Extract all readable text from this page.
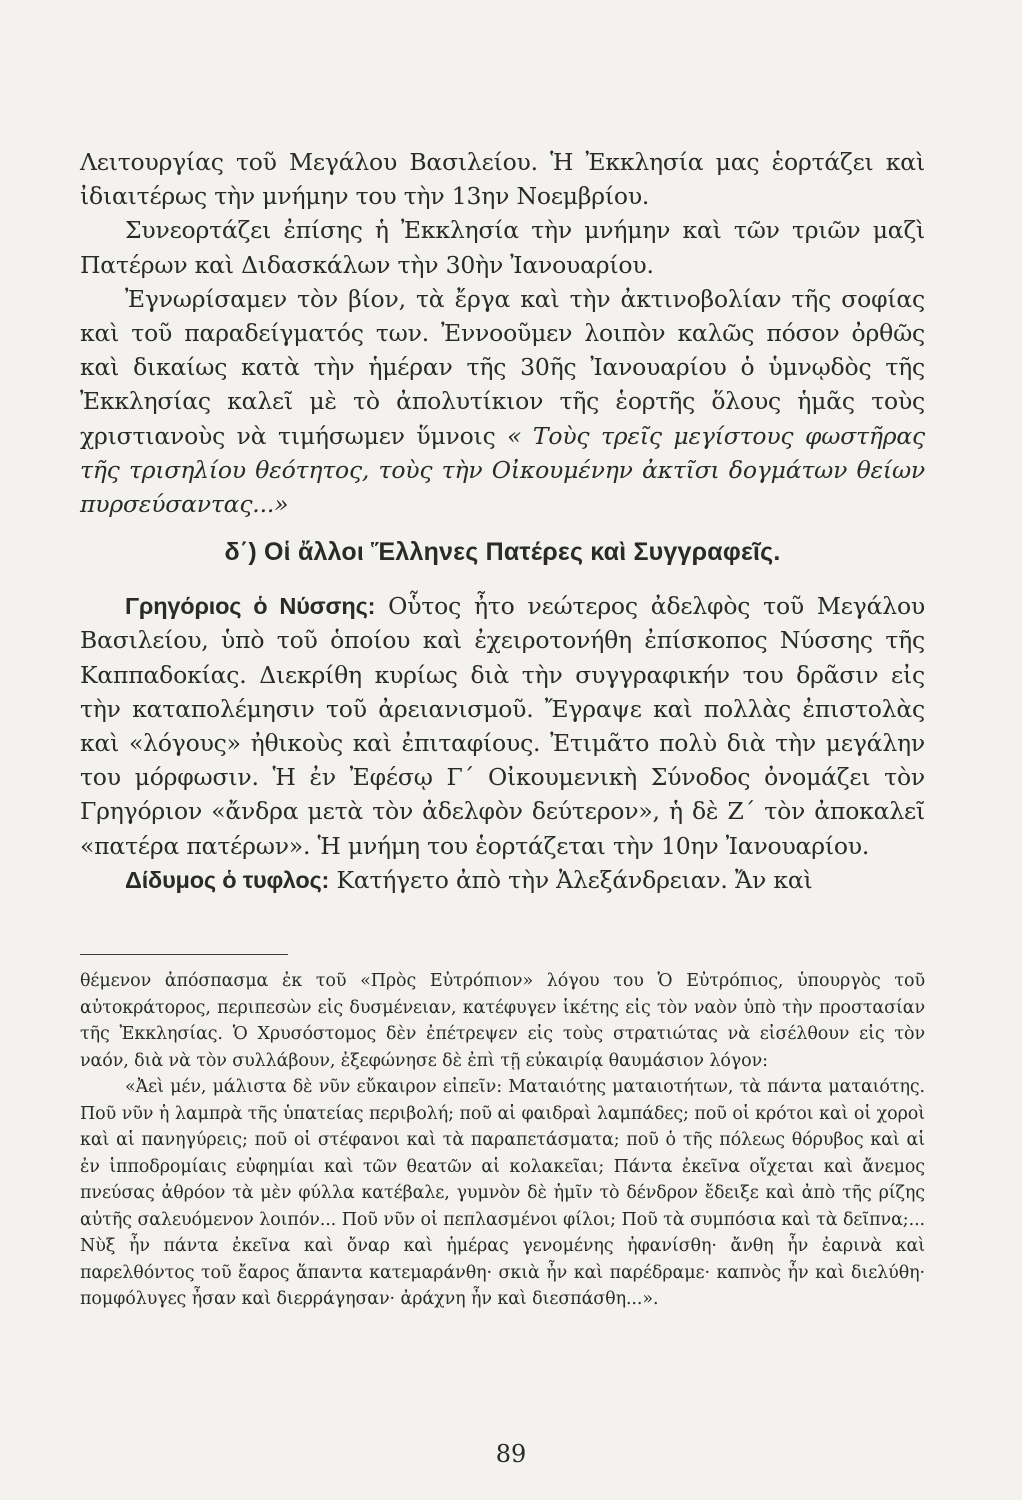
Λειτουργίας τοῦ Μεγάλου Βασιλείου. Ἡ Ἐκκλησία μας ἑορτάζει καὶ ἰδιαιτέρως τὴν μνήμην του τὴν 13ην Νοεμβρίου.

Συνεορτάζει ἐπίσης ἡ Ἐκκλησία τὴν μνήμην καὶ τῶν τριῶν μαζὶ Πατέρων καὶ Διδασκάλων τὴν 30ὴν Ἰανουαρίου.

Ἐγνωρίσαμεν τὸν βίον, τὰ ἔργα καὶ τὴν ἀκτινοβολίαν τῆς σοφίας καὶ τοῦ παραδείγματός των. Ἐννοοῦμεν λοιπὸν καλῶς πόσον ὀρθῶς καὶ δικαίως κατὰ τὴν ἡμέραν τῆς 30ῆς Ἰανουαρίου ὁ ὑμνῳδὸς τῆς Ἐκκλησίας καλεῖ μὲ τὸ ἀπολυτίκιον τῆς ἑορτῆς ὅλους ἡμᾶς τοὺς χριστιανοὺς νὰ τιμήσωμεν ὕμνοις « Τοὺς τρεῖς μεγίστους φωστῆρας τῆς τρισηλίου θεότητος, τοὺς τὴν Οἰκουμένην ἀκτῖσι δογμάτων θείων πυρσεύσαντας...»

δ΄) Οἱ ἄλλοι Ἕλληνες Πατέρες καὶ Συγγραφεῖς.

Γρηγόριος ὁ Νύσσης: Οὗτος ἦτο νεώτερος ἀδελφὸς τοῦ Μεγάλου Βασιλείου, ὑπὸ τοῦ ὁποίου καὶ ἐχειροτονήθη ἐπίσκοπος Νύσσης τῆς Καππαδοκίας. Διεκρίθη κυρίως διὰ τὴν συγγραφικήν του δρᾶσιν εἰς τὴν καταπολέμησιν τοῦ ἀρειανισμοῦ. Ἔγραψε καὶ πολλὰς ἐπιστολὰς καὶ «λόγους» ἠθικοὺς καὶ ἐπιταφίους. Ἐτιμᾶτο πολὺ διὰ τὴν μεγάλην του μόρφωσιν. Ἡ ἐν Ἐφέσῳ Γ΄ Οἰκουμενικὴ Σύνοδος ὀνομάζει τὸν Γρηγόριον «ἄνδρα μετὰ τὸν ἀδελφὸν δεύτερον», ἡ δὲ Ζ΄ τὸν ἀποκαλεῖ «πατέρα πατέρων». Ἡ μνήμη του ἑορτάζεται τὴν 10ην Ἰανουαρίου.

Δίδυμος ὁ τυφλος: Κατήγετο ἀπὸ τὴν Ἀλεξάνδρειαν. Ἄν καὶ

θέμενον ἀπόσπασμα ἐκ τοῦ «Πρὸς Εὐτρόπιον» λόγου του Ὁ Εὐτρόπιος, ὑπουργὸς τοῦ αὐτοκράτορος, περιπεσὼν εἰς δυσμένειαν, κατέφυγεν ἱκέτης εἰς τὸν ναὸν ὑπὸ τὴν προστασίαν τῆς Ἐκκλησίας. Ὁ Χρυσόστομος δὲν ἐπέτρεψεν εἰς τοὺς στρατιώτας νὰ εἰσέλθουν εἰς τὸν ναόν, διὰ νὰ τὸν συλλάβουν, ἐξεφώνησε δὲ ἐπὶ τῇ εὐκαιρίᾳ θαυμάσιον λόγον:

«Ἀεὶ μέν, μάλιστα δὲ νῦν εὔκαιρον εἰπεῖν: Ματαιότης ματαιοτήτων, τὰ πάντα ματαιότης. Ποῦ νῦν ἡ λαμπρὰ τῆς ὑπατείας περιβολή; ποῦ αἱ φαιδραὶ λαμπάδες; ποῦ οἱ κρότοι καὶ οἱ χοροὶ καὶ αἱ πανηγύρεις; ποῦ οἱ στέφανοι καὶ τὰ παραπετάσματα; ποῦ ὁ τῆς πόλεως θόρυβος καὶ αἱ ἐν ἱπποδρομίαις εὐφημίαι καὶ τῶν θεατῶν αἱ κολακεῖαι; Πάντα ἐκεῖνα οἴχεται καὶ ἄνεμος πνεύσας ἀθρόον τὰ μὲν φύλλα κατέβαλε, γυμνὸν δὲ ἡμῖν τὸ δένδρον ἔδειξε καὶ ἀπὸ τῆς ρίζης αὐτῆς σαλευόμενον λοιπόν... Ποῦ νῦν οἱ πεπλασμένοι φίλοι; Ποῦ τὰ συμπόσια καὶ τὰ δεῖπνα;... Νὺξ ἦν πάντα ἐκεῖνα καὶ ὄναρ καὶ ἡμέρας γενομένης ἠφανίσθη· ἄνθη ἦν ἐαρινὰ καὶ παρελθόντος τοῦ ἔαρος ἅπαντα κατεμαράνθη· σκιὰ ἦν καὶ παρέδραμε· καπνὸς ἦν καὶ διελύθη· πομφόλυγες ἦσαν καὶ διερράγησαν· ἀράχνη ἦν καὶ διεσπάσθη...».

89
